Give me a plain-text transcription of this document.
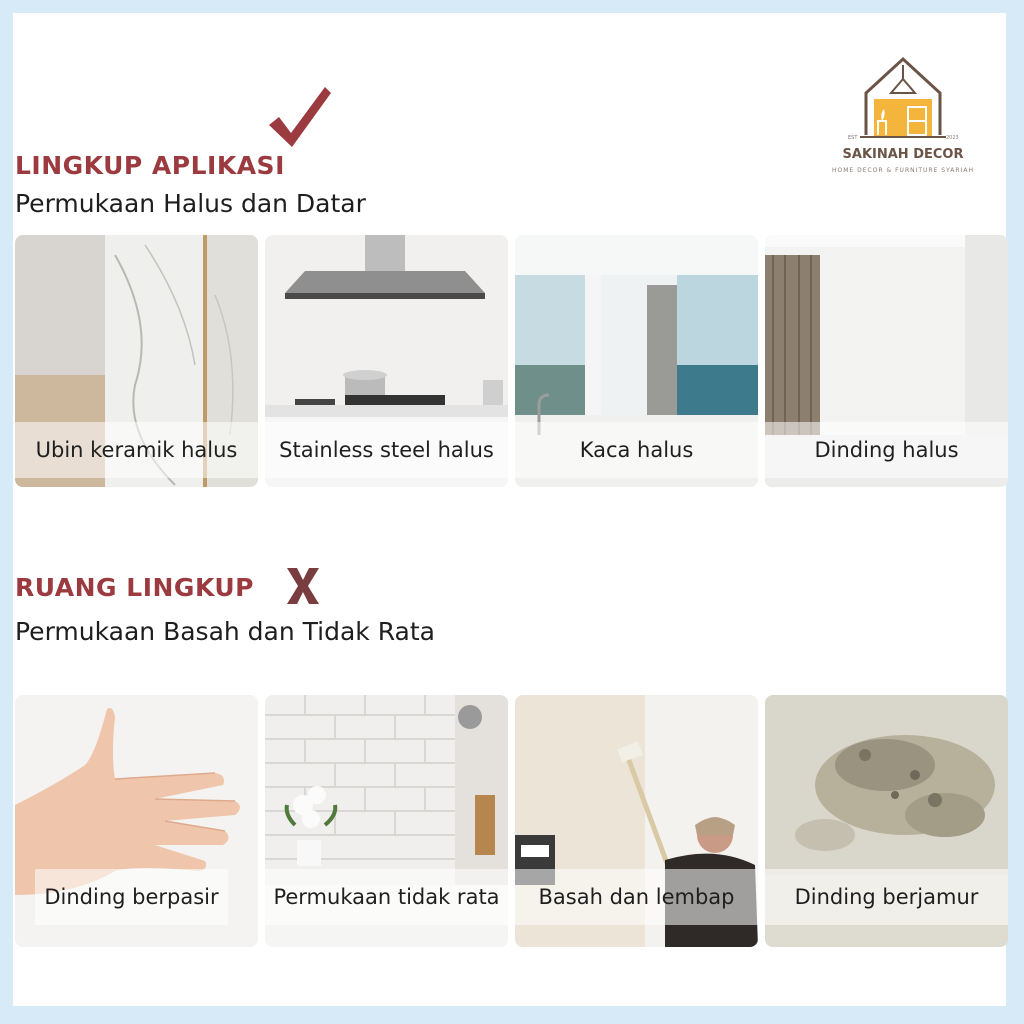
EST	2023
SAKINAH DECOR
HOME DECOR & FURNITURE SYARIAH
LINGKUP APLIKASI
Permukaan Halus dan Datar
Ubin keramik halus Stainless steel halus	Kaca halus	Dinding halus
RUANG LINGKUP
Permukaan Basah dan Tidak Rata
Dinding berpasir	Permukaan tidak rata Basah dan lembap	Dinding berjamur
